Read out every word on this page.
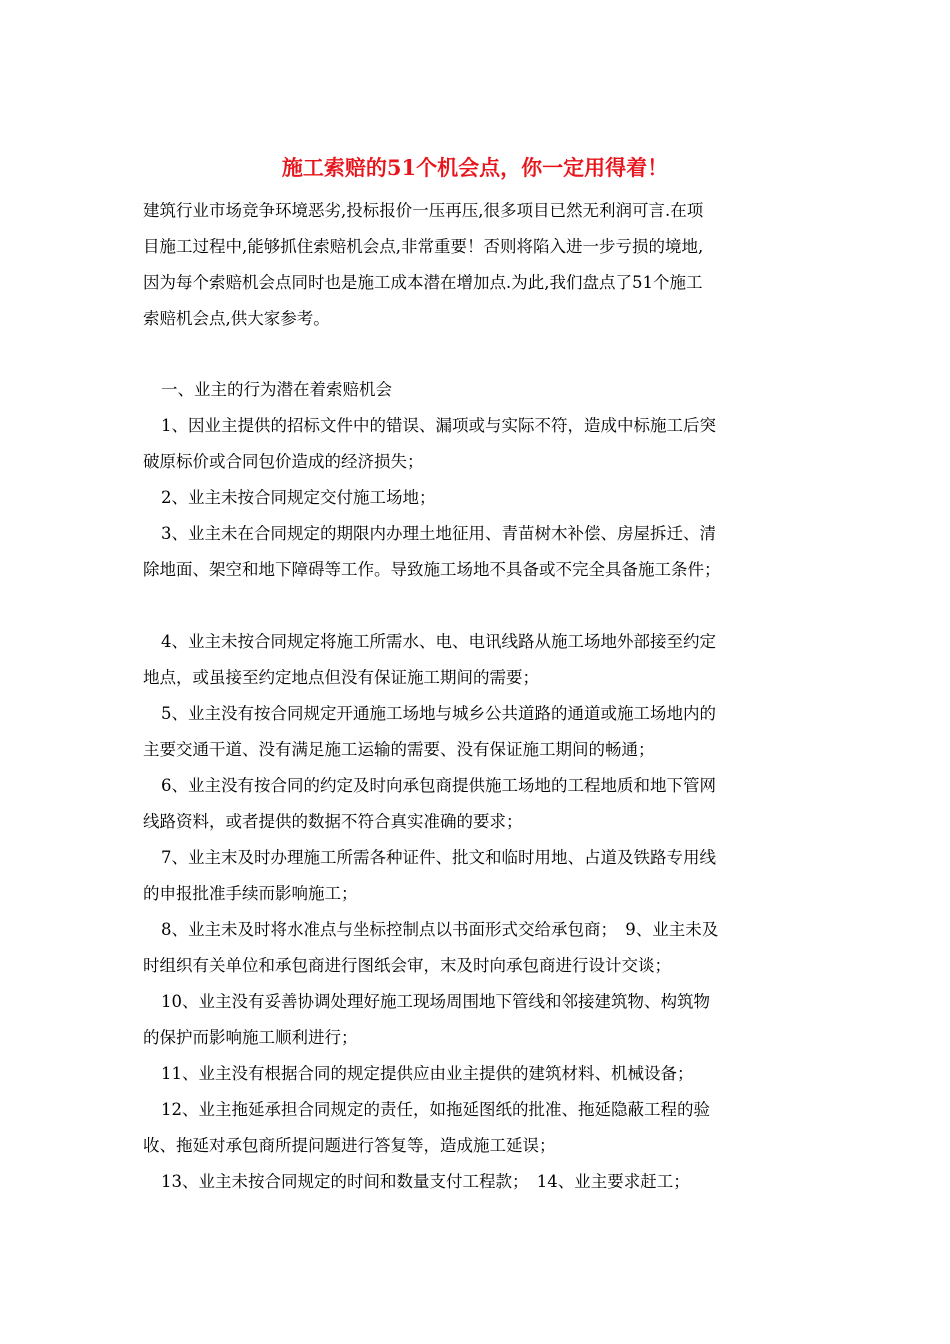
施工索赔的51个机会点，你一定用得着！
建筑行业市场竞争环境恶劣,投标报价一压再压,很多项目已然无利润可言.在项
目施工过程中,能够抓住索赔机会点,非常重要！否则将陷入进一步亏损的境地,
因为每个索赔机会点同时也是施工成本潜在增加点.为此,我们盘点了51个施工
索赔机会点,供大家参考。
一、业主的行为潜在着索赔机会
1、因业主提供的招标文件中的错误、漏项或与实际不符，造成中标施工后突
破原标价或合同包价造成的经济损失；
2、业主未按合同规定交付施工场地；
3、业主未在合同规定的期限内办理土地征用、青苗树木补偿、房屋拆迁、清
除地面、架空和地下障碍等工作。导致施工场地不具备或不完全具备施工条件；
4、业主未按合同规定将施工所需水、电、电讯线路从施工场地外部接至约定
地点，或虽接至约定地点但没有保证施工期间的需要；
5、业主没有按合同规定开通施工场地与城乡公共道路的通道或施工场地内的
主要交通干道、没有满足施工运输的需要、没有保证施工期间的畅通；
6、业主没有按合同的约定及时向承包商提供施工场地的工程地质和地下管网
线路资料，或者提供的数据不符合真实准确的要求；
7、业主末及时办理施工所需各种证件、批文和临时用地、占道及铁路专用线
的申报批准手续而影响施工；
8、业主未及时将水准点与坐标控制点以书面形式交给承包商；　9、业主未及
时组织有关单位和承包商进行图纸会审，末及时向承包商进行设计交谈；
10、业主没有妥善协调处理好施工现场周围地下管线和邻接建筑物、构筑物
的保护而影响施工顺利进行；
11、业主没有根据合同的规定提供应由业主提供的建筑材料、机械设备；
12、业主拖延承担合同规定的责任，如拖延图纸的批准、拖延隐蔽工程的验
收、拖延对承包商所提问题进行答复等，造成施工延误；
13、业主未按合同规定的时间和数量支付工程款；　14、业主要求赶工；
